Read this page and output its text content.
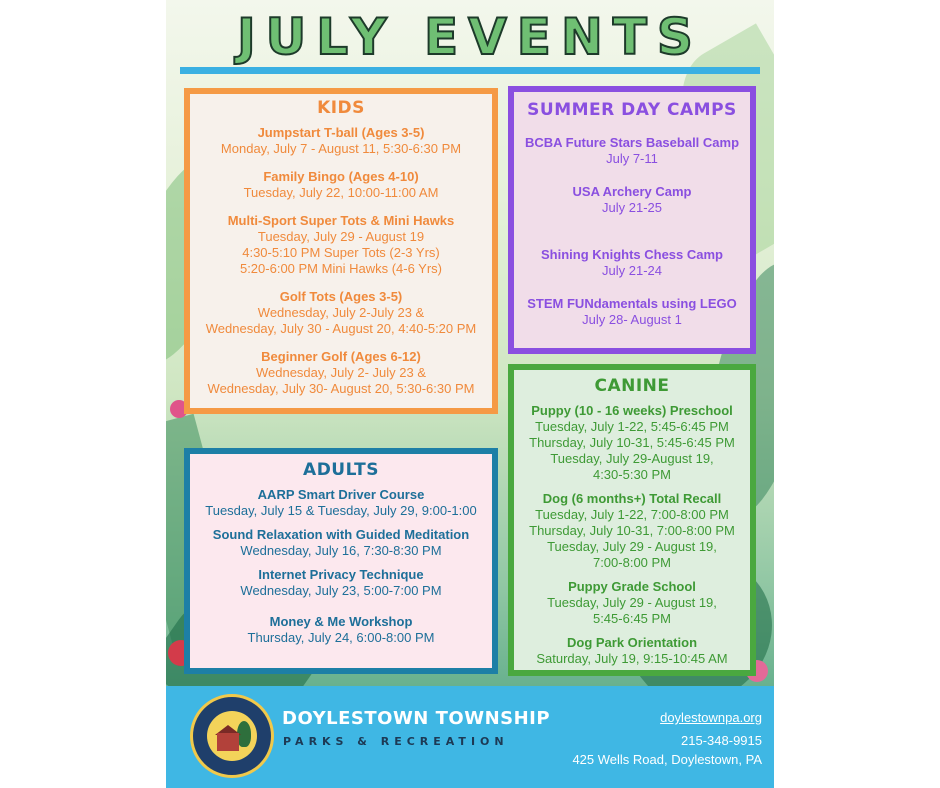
JULY EVENTS
KIDS
Jumpstart T-ball (Ages 3-5)
Monday, July 7 - August 11, 5:30-6:30 PM
Family Bingo (Ages 4-10)
Tuesday, July 22, 10:00-11:00 AM
Multi-Sport Super Tots & Mini Hawks
Tuesday, July 29 - August 19
4:30-5:10 PM Super Tots (2-3 Yrs)
5:20-6:00 PM Mini Hawks (4-6 Yrs)
Golf Tots (Ages 3-5)
Wednesday, July 2-July 23 &
Wednesday, July 30 - August 20, 4:40-5:20 PM
Beginner Golf (Ages 6-12)
Wednesday, July 2- July 23 &
Wednesday, July 30- August 20, 5:30-6:30 PM
SUMMER DAY CAMPS
BCBA Future Stars Baseball Camp
July 7-11
USA Archery Camp
July 21-25
Shining Knights Chess Camp
July 21-24
STEM FUNdamentals using LEGO
July 28- August 1
CANINE
Puppy (10 - 16 weeks) Preschool
Tuesday, July 1-22, 5:45-6:45 PM
Thursday, July 10-31, 5:45-6:45 PM
Tuesday, July 29-August 19,
4:30-5:30 PM
Dog (6 months+) Total Recall
Tuesday, July 1-22, 7:00-8:00 PM
Thursday, July 10-31, 7:00-8:00 PM
Tuesday, July 29 - August 19,
7:00-8:00 PM
Puppy Grade School
Tuesday, July 29 - August 19,
5:45-6:45 PM
Dog Park Orientation
Saturday, July 19, 9:15-10:45 AM
ADULTS
AARP Smart Driver Course
Tuesday, July 15 & Tuesday, July 29, 9:00-1:00
Sound Relaxation with Guided Meditation
Wednesday, July 16, 7:30-8:30 PM
Internet Privacy Technique
Wednesday, July 23, 5:00-7:00 PM
Money & Me Workshop
Thursday, July 24, 6:00-8:00 PM
DOYLESTOWN TOWNSHIP
PARKS & RECREATION
doylestownpa.org
215-348-9915
425 Wells Road, Doylestown, PA
